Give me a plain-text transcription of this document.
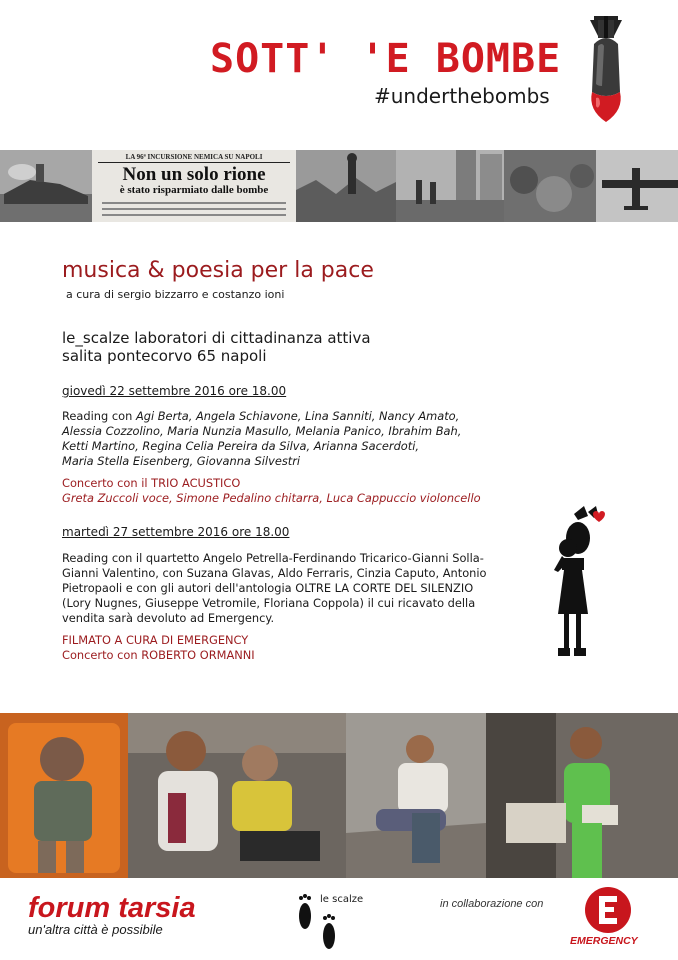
SOTT' 'E BOMBE
#underthebombs
LA 96ª INCURSIONE NEMICA SU NAPOLI
Non un solo rione
è stato risparmiato dalle bombe
musica & poesia per la pace
a cura di sergio bizzarro e costanzo ioni
le_scalze laboratori di cittadinanza attiva
salita pontecorvo 65 napoli
giovedì 22 settembre 2016 ore 18.00
Reading con Agi Berta, Angela Schiavone, Lina Sanniti, Nancy Amato,
Alessia Cozzolino, Maria Nunzia Masullo, Melania Panico, Ibrahim Bah,
Ketti Martino, Regina Celia Pereira da Silva, Arianna Sacerdoti,
Maria Stella Eisenberg, Giovanna Silvestri
Concerto con il TRIO ACUSTICO
Greta Zuccoli voce, Simone Pedalino chitarra, Luca Cappuccio violoncello
martedì 27 settembre 2016 ore 18.00
Reading con il quartetto Angelo Petrella-Ferdinando Tricarico-Gianni Solla-
Gianni Valentino, con Suzana Glavas, Aldo Ferraris, Cinzia Caputo, Antonio
Pietropaoli e con gli autori dell'antologia OLTRE LA CORTE DEL SILENZIO
(Lory Nugnes, Giuseppe Vetromile, Floriana Coppola) il cui ricavato della
vendita sarà devoluto ad Emergency.
FILMATO A CURA DI EMERGENCY
Concerto con ROBERTO ORMANNI
forum tarsia
un'altra città è possibile
le scalze	in collaborazione con
EMERGENCY
